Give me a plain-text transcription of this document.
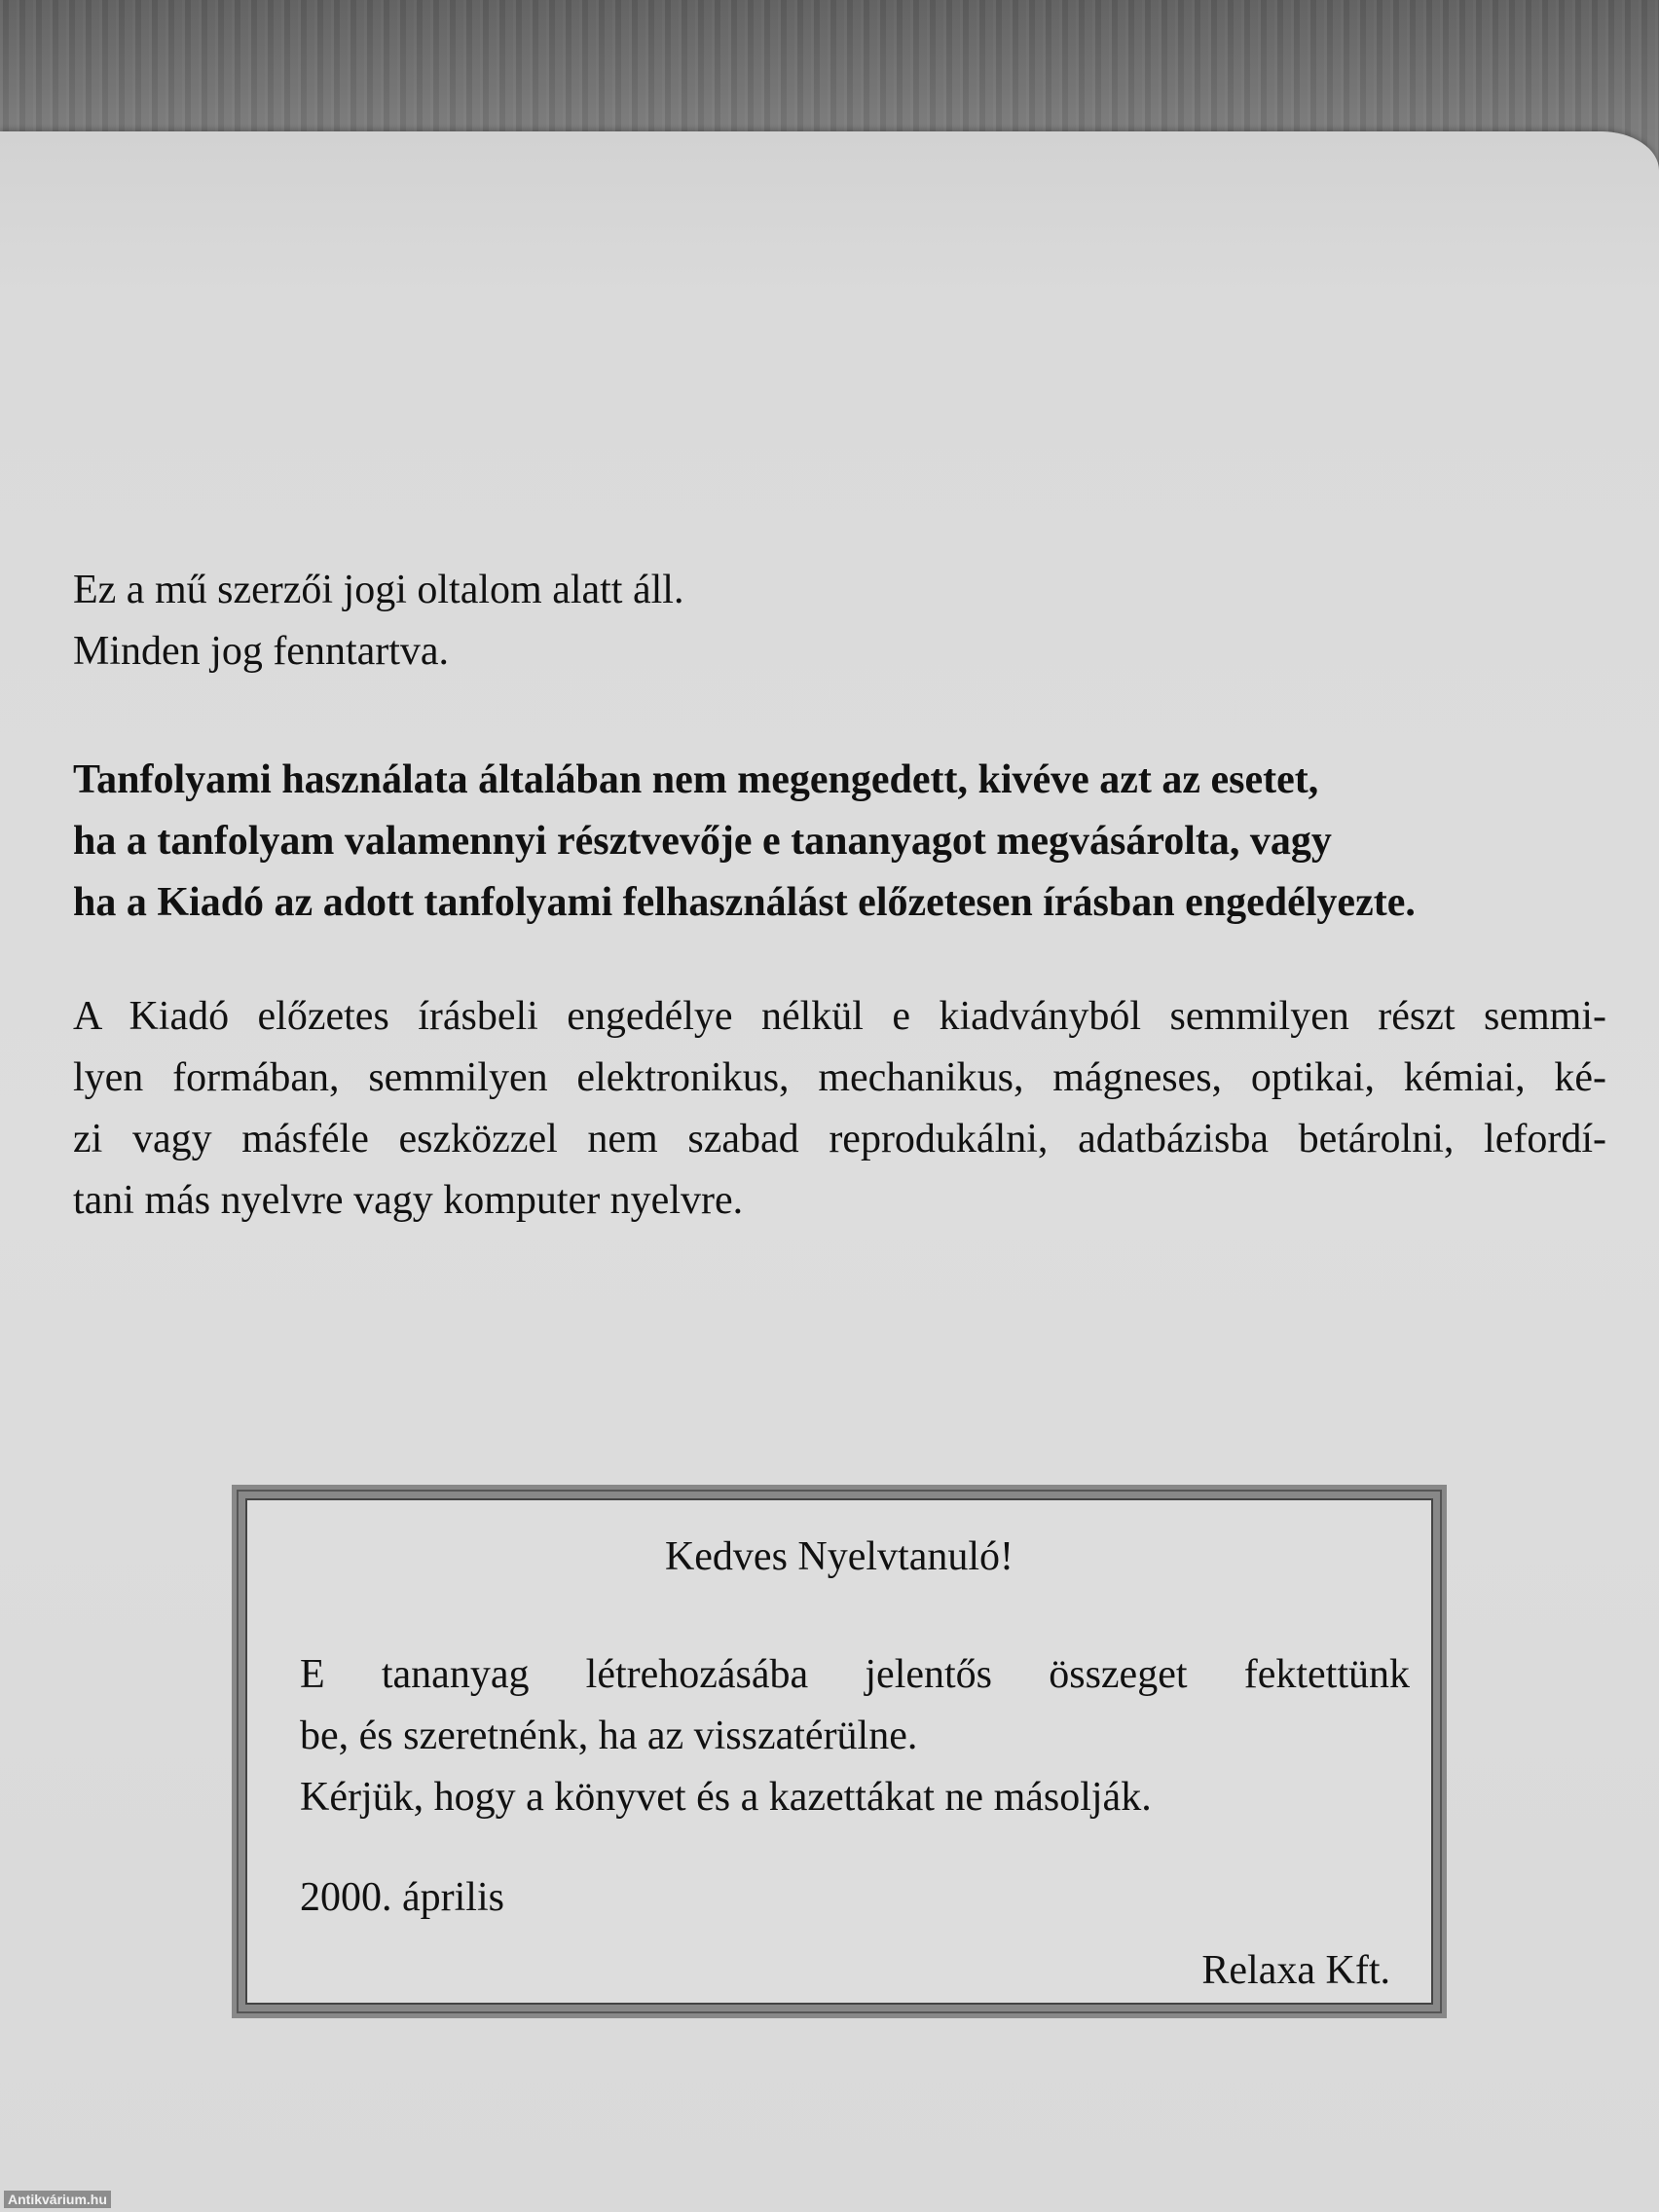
Ez a mű szerzői jogi oltalom alatt áll.

Minden jog fenntartva.

Tanfolyami használata általában nem megengedett, kivéve azt az esetet,

ha a tanfolyam valamennyi résztvevője e tananyagot megvásárolta, vagy

ha a Kiadó az adott tanfolyami felhasználást előzetesen írásban engedélyezte.

A Kiadó előzetes írásbeli engedélye nélkül e kiadványból semmilyen részt semmi-

lyen formában, semmilyen elektronikus, mechanikus, mágneses, optikai, kémiai, ké-

zi vagy másféle eszközzel nem szabad reprodukálni, adatbázisba betárolni, lefordí-

tani más nyelvre vagy komputer nyelvre.

Kedves Nyelvtanuló!

E tananyag létrehozásába jelentős összeget fektettünk

be, és szeretnénk, ha az visszatérülne.

Kérjük, hogy a könyvet és a kazettákat ne másolják.

2000. április

Relaxa Kft.

Antikvárium.hu
